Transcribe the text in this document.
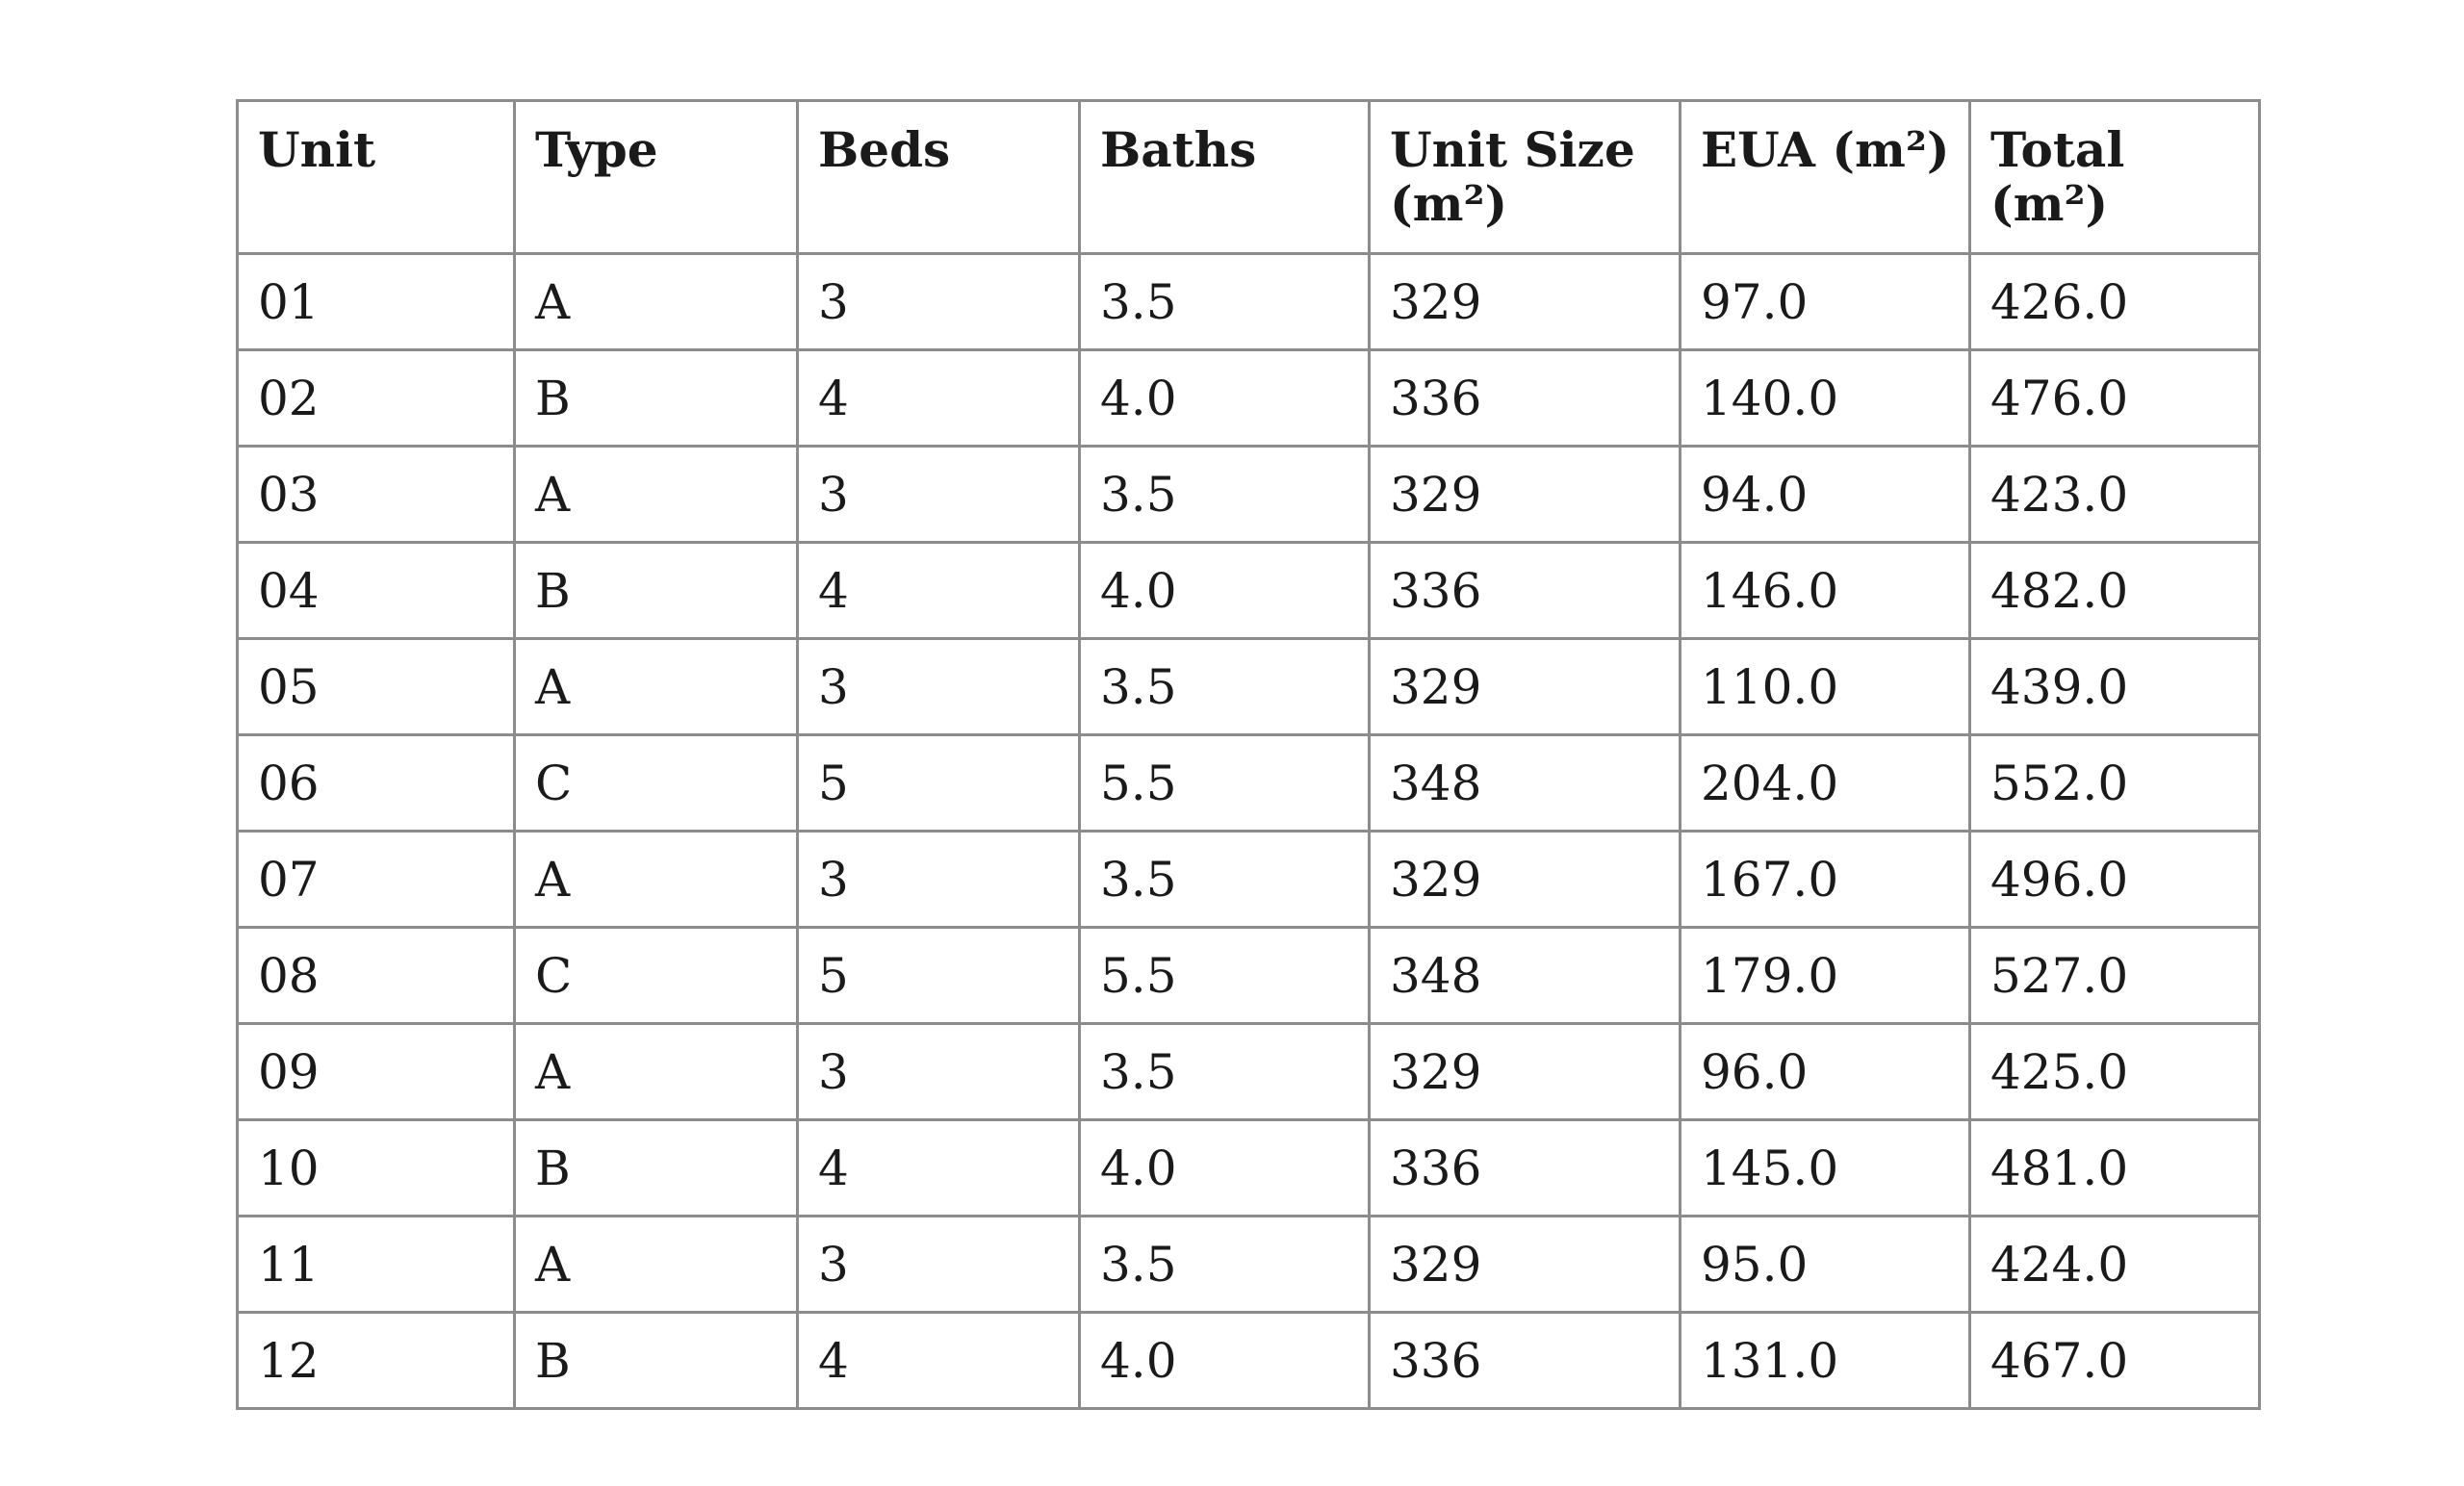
Unit	Type	Beds	Baths	Unit Size (m²)	EUA (m²)	Total (m²)
01	A	3	3.5	329	97.0	426.0
02	B	4	4.0	336	140.0	476.0
03	A	3	3.5	329	94.0	423.0
04	B	4	4.0	336	146.0	482.0
05	A	3	3.5	329	110.0	439.0
06	C	5	5.5	348	204.0	552.0
07	A	3	3.5	329	167.0	496.0
08	C	5	5.5	348	179.0	527.0
09	A	3	3.5	329	96.0	425.0
10	B	4	4.0	336	145.0	481.0
11	A	3	3.5	329	95.0	424.0
12	B	4	4.0	336	131.0	467.0
